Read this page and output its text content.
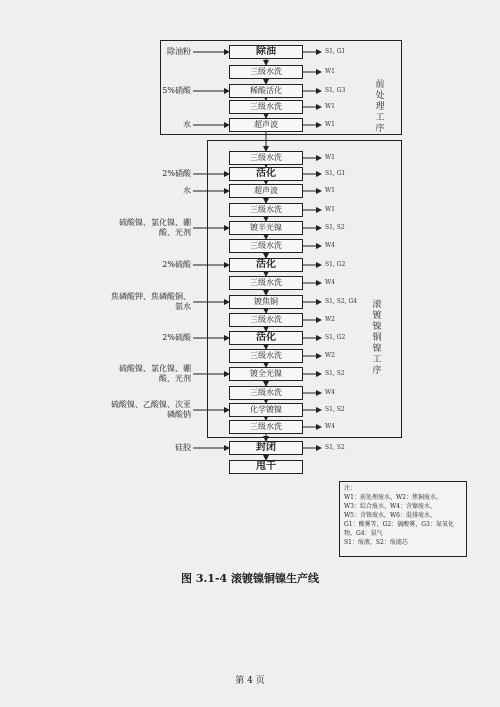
前处理工序
滚镀镍铜镍工序
除油	S1, G1
除油粉
三级水洗	W1
稀酸活化	S1, G3
5%硝酸
三级水洗	W1
超声波	W1
水
三级水洗	W1
活化	S1, G1
2%硝酸
超声波	W1
水
三级水洗	W1
镀半光镍	S1, S2
硫酸镍、氯化镍、硼酸、光剂
三级水洗	W4
活化	S1, G2
2%硫酸
三级水洗	W4
镀焦铜	S1, S2, G4
焦磷酸钾、焦磷酸铜、氨水
三级水洗	W2
活化	S1, G2
2%硫酸
三级水洗	W2
镀全光镍	S1, S2
硫酸镍、氯化镍、硼酸、光剂
三级水洗	W4
化学镀镍	S1, S2
硫酸镍、乙酸镍、次亚磷酸钠
三级水洗	W4
封闭	S1, S2
硅胶
甩干
注：
W1：前处理废水，W2：焦铜废水，
W3：综合废水，W4：含镍废水，
W5：含铬废水，W6：混排废水，
G1：酸雾等，G2：硫酸雾，G3：氮氧化
物，G4：氨气
S1：废液，S2：废滤芯
图 3.1-4 滚镀镍铜镍生产线
第 4 页
